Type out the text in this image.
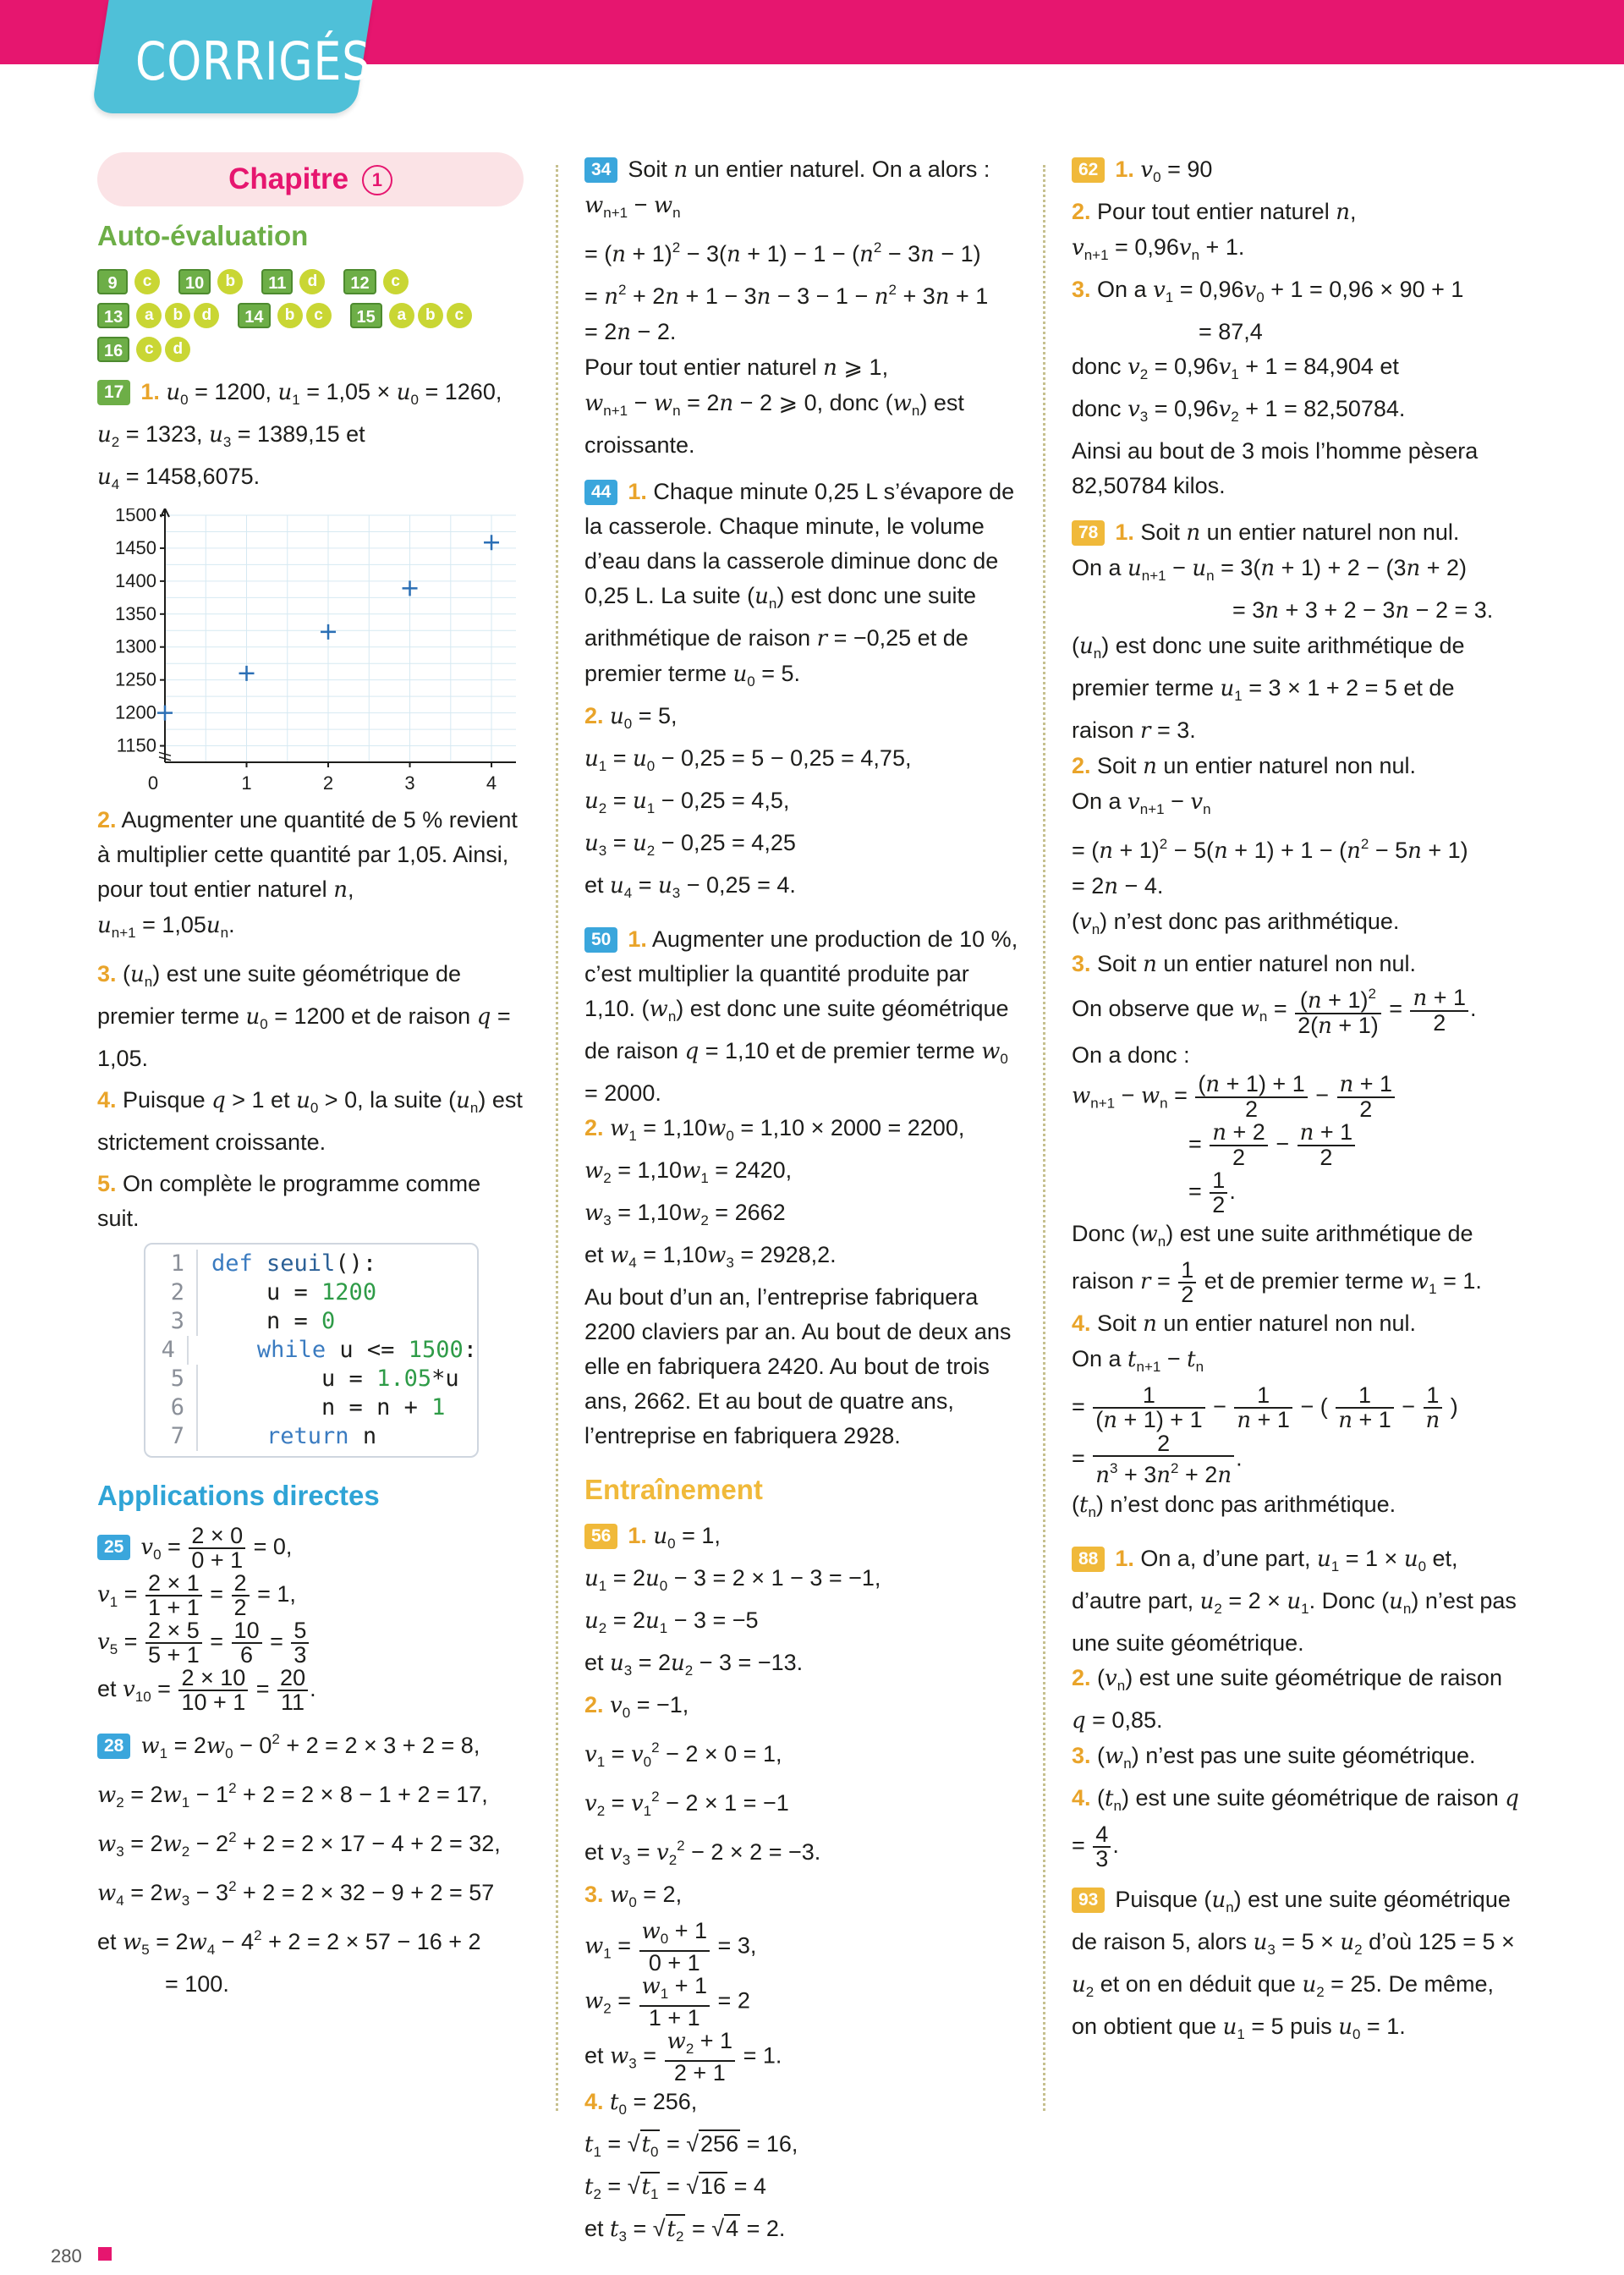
CORRIGÉS
Chapitre 1
Auto-évaluation
9	c	10	b	11	d	12	c
13	a	b	d	14	b	c	15	a	b	c
16	c	d
17 1. $u_0 = 1200$, $u_1 = 1,05 \times u_0 = 1260$,
$u_2 = 1323$, $u_3 = 1389,15$ et
$u_4 = 1458,6075$.
1500
1450
1400
1350
1300
1250
1200
1150
0	1	2	3	4
2. Augmenter une quantité de 5 % revient à multiplier cette quantité par 1,05. Ainsi, pour tout entier naturel n,
$u_{n+1} = 1,05u_n$.
3. $(u_n)$ est une suite géométrique de premier terme $u_0 = 1200$ et de raison q = 1,05.
4. Puisque q > 1 et $u_0 > 0$, la suite $(u_n)$ est strictement croissante.
5. On complète le programme comme suit.
1	def seuil():
2	u = 1200
3	n = 0
4	while u <= 1500:
5	u = 1.05*u
6	n = n + 1
7	return n
Applications directes
25 $v_0 = \frac{2 \times 0}{0 + 1} = 0$,
$v_1 = \frac{2 \times 1}{1 + 1} = \frac{2}{2} = 1$,
$v_5 = \frac{2 \times 5}{5 + 1} = \frac{10}{6} = \frac{5}{3}$

et $v_{10} = \frac{2 \times 10}{10 + 1} = \frac{20}{11}$ .
28 $w_1 = 2w_0 - 0^2 + 2 = 2 \times 3 + 2 = 8$,
$w_2 = 2w_1 - 1^2 + 2 = 2 \times 8 - 1 + 2 = 17$,
$w_3 = 2w_2 - 2^2 + 2 = 2 \times 17 - 4 + 2 = 32$,
$w_4 = 2w_3 - 3^2 + 2 = 2 \times 32 - 9 + 2 = 57$
et $w_5 = 2w_4 - 4^2 + 2 = 2 \times 57 - 16 + 2$
= 100.
34 Soit n un entier naturel. On a alors :
$w_{n+1} - w_n$
= $(n + 1)^2 - 3(n + 1) - 1 - (n^2 - 3n - 1)$
= $n^2 + 2n + 1 - 3n - 3 - 1 - n^2 + 3n + 1$
= 2n − 2.
Pour tout entier naturel n ⩾ 1,
$w_{n+1} - w_n = 2n - 2$ ⩾ 0, donc $(w_n)$ est croissante.
44 1. Chaque minute 0,25 L s’évapore de la casserole. Chaque minute, le volume d’eau dans la casserole diminue donc de 0,25 L. La suite $(u_n)$ est donc une suite arithmétique de raison r = −0,25 et de premier terme $u_0 = 5$.
2. $u_0 = 5$,
$u_1 = u_0 - 0,25 = 5 - 0,25 = 4,75$,
$u_2 = u_1 - 0,25 = 4,5$,
$u_3 = u_2 - 0,25 = 4,25$
et $u_4 = u_3 - 0,25 = 4$.
50 1. Augmenter une production de 10 %, c’est multiplier la quantité produite par 1,10. $(w_n)$ est donc une suite géométrique de raison q = 1,10 et de premier terme $w_0 = 2000$.
2. $w_1 = 1,10w_0 = 1,10 \times 2000 = 2200$,
$w_2 = 1,10w_1 = 2420$,
$w_3 = 1,10w_2 = 2662$
et $w_4 = 1,10w_3 = 2928,2$.
Au bout d’un an, l’entreprise fabriquera 2200 claviers par an. Au bout de deux ans elle en fabriquera 2420. Au bout de trois ans, 2662. Et au bout de quatre ans, l’entreprise en fabriquera 2928.
Entraînement
56 1. $u_0 = 1$,
$u_1 = 2u_0 - 3 = 2 \times 1 - 3 = -1$,
$u_2 = 2u_1 - 3 = -5$
et $u_3 = 2u_2 - 3 = -13$.
2. $v_0 = -1$,
$v_1 = v_0^2 - 2 \times 0 = 1$,
$v_2 = v_1^2 - 2 \times 1 = -1$
et $v_3 = v_2^2 - 2 \times 2 = -3$.
3. $w_0 = 2$,
$w_1 = \frac{w_0 + 1}{0 + 1} = 3$,
$w_2 = \frac{w_1 + 1}{1 + 1} = 2$
et $w_3 = \frac{w_2 + 1}{2 + 1} = 1$.
4. $t_0 = 256$,
$t_1 = √t_0 = √256 = 16$,
$t_2 = √t_1 = √16 = 4$
et $t_3 = √t_2 = √4 = 2$.
62 1. $v_0 = 90$
2. Pour tout entier naturel n,
$v_{n+1} = 0,96v_n + 1$.
3. On a $v_1 = 0,96v_0 + 1 = 0,96 \times 90 + 1$
= 87,4
donc $v_2 = 0,96v_1 + 1 = 84,904$ et
donc $v_3 = 0,96v_2 + 1 = 82,50784$.
Ainsi au bout de 3 mois l’homme pèsera 82,50784 kilos.
78 1. Soit n un entier naturel non nul.
On a $u_{n+1} - u_n = 3(n + 1) + 2 - (3n + 2)$
= 3n + 3 + 2 − 3n − 2 = 3.
$(u_n)$ est donc une suite arithmétique de premier terme $u_1 = 3 \times 1 + 2 = 5$ et de raison r = 3.
2. Soit n un entier naturel non nul.
On a $v_{n+1} - v_n$
= $(n + 1)^2 - 5(n + 1) + 1 - (n^2 - 5n + 1)$
= 2n − 4.
$(v_n)$ n’est donc pas arithmétique.
3. Soit n un entier naturel non nul.
On observe que $w_n = \frac{(n + 1)^2}{2(n + 1)} = \frac{n + 1}{2}$ .
On a donc :
$w_{n+1} - w_n = \frac{(n + 1) + 1}{2} - \frac{n + 1}{2}$

= $\frac{n + 2}{2} - \frac{n + 1}{2}$

= $\frac{1}{2}$ .
Donc $(w_n)$ est une suite arithmétique de raison $r = \frac{1}{2}$ et de premier terme $w_1 = 1$.
4. Soit n un entier naturel non nul.
On a $t_{n+1} - t_n$
= $\frac{1}{(n + 1) + 1} - \frac{1}{n + 1}$ − ( $\frac{1}{n + 1} - \frac{1}{n}$ )
= $\frac{2}{n^3 + 3n^2 + 2n}$ .
$(t_n)$ n’est donc pas arithmétique.
88 1. On a, d’une part, $u_1 = 1 \times u_0$ et, d’autre part, $u_2 = 2 \times u_1$. Donc $(u_n)$ n’est pas une suite géométrique.
2. $(v_n)$ est une suite géométrique de raison q = 0,85.
3. $(w_n)$ n’est pas une suite géométrique.
4. $(t_n)$ est une suite géométrique de raison $q = \frac{4}{3}$ .
93 Puisque $(u_n)$ est une suite géométrique de raison 5, alors $u_3 = 5 \times u_2$ d’où $125 = 5 \times u_2$ et on en déduit que $u_2 = 25$. De même, on obtient que $u_1 = 5$ puis $u_0 = 1$.
280
